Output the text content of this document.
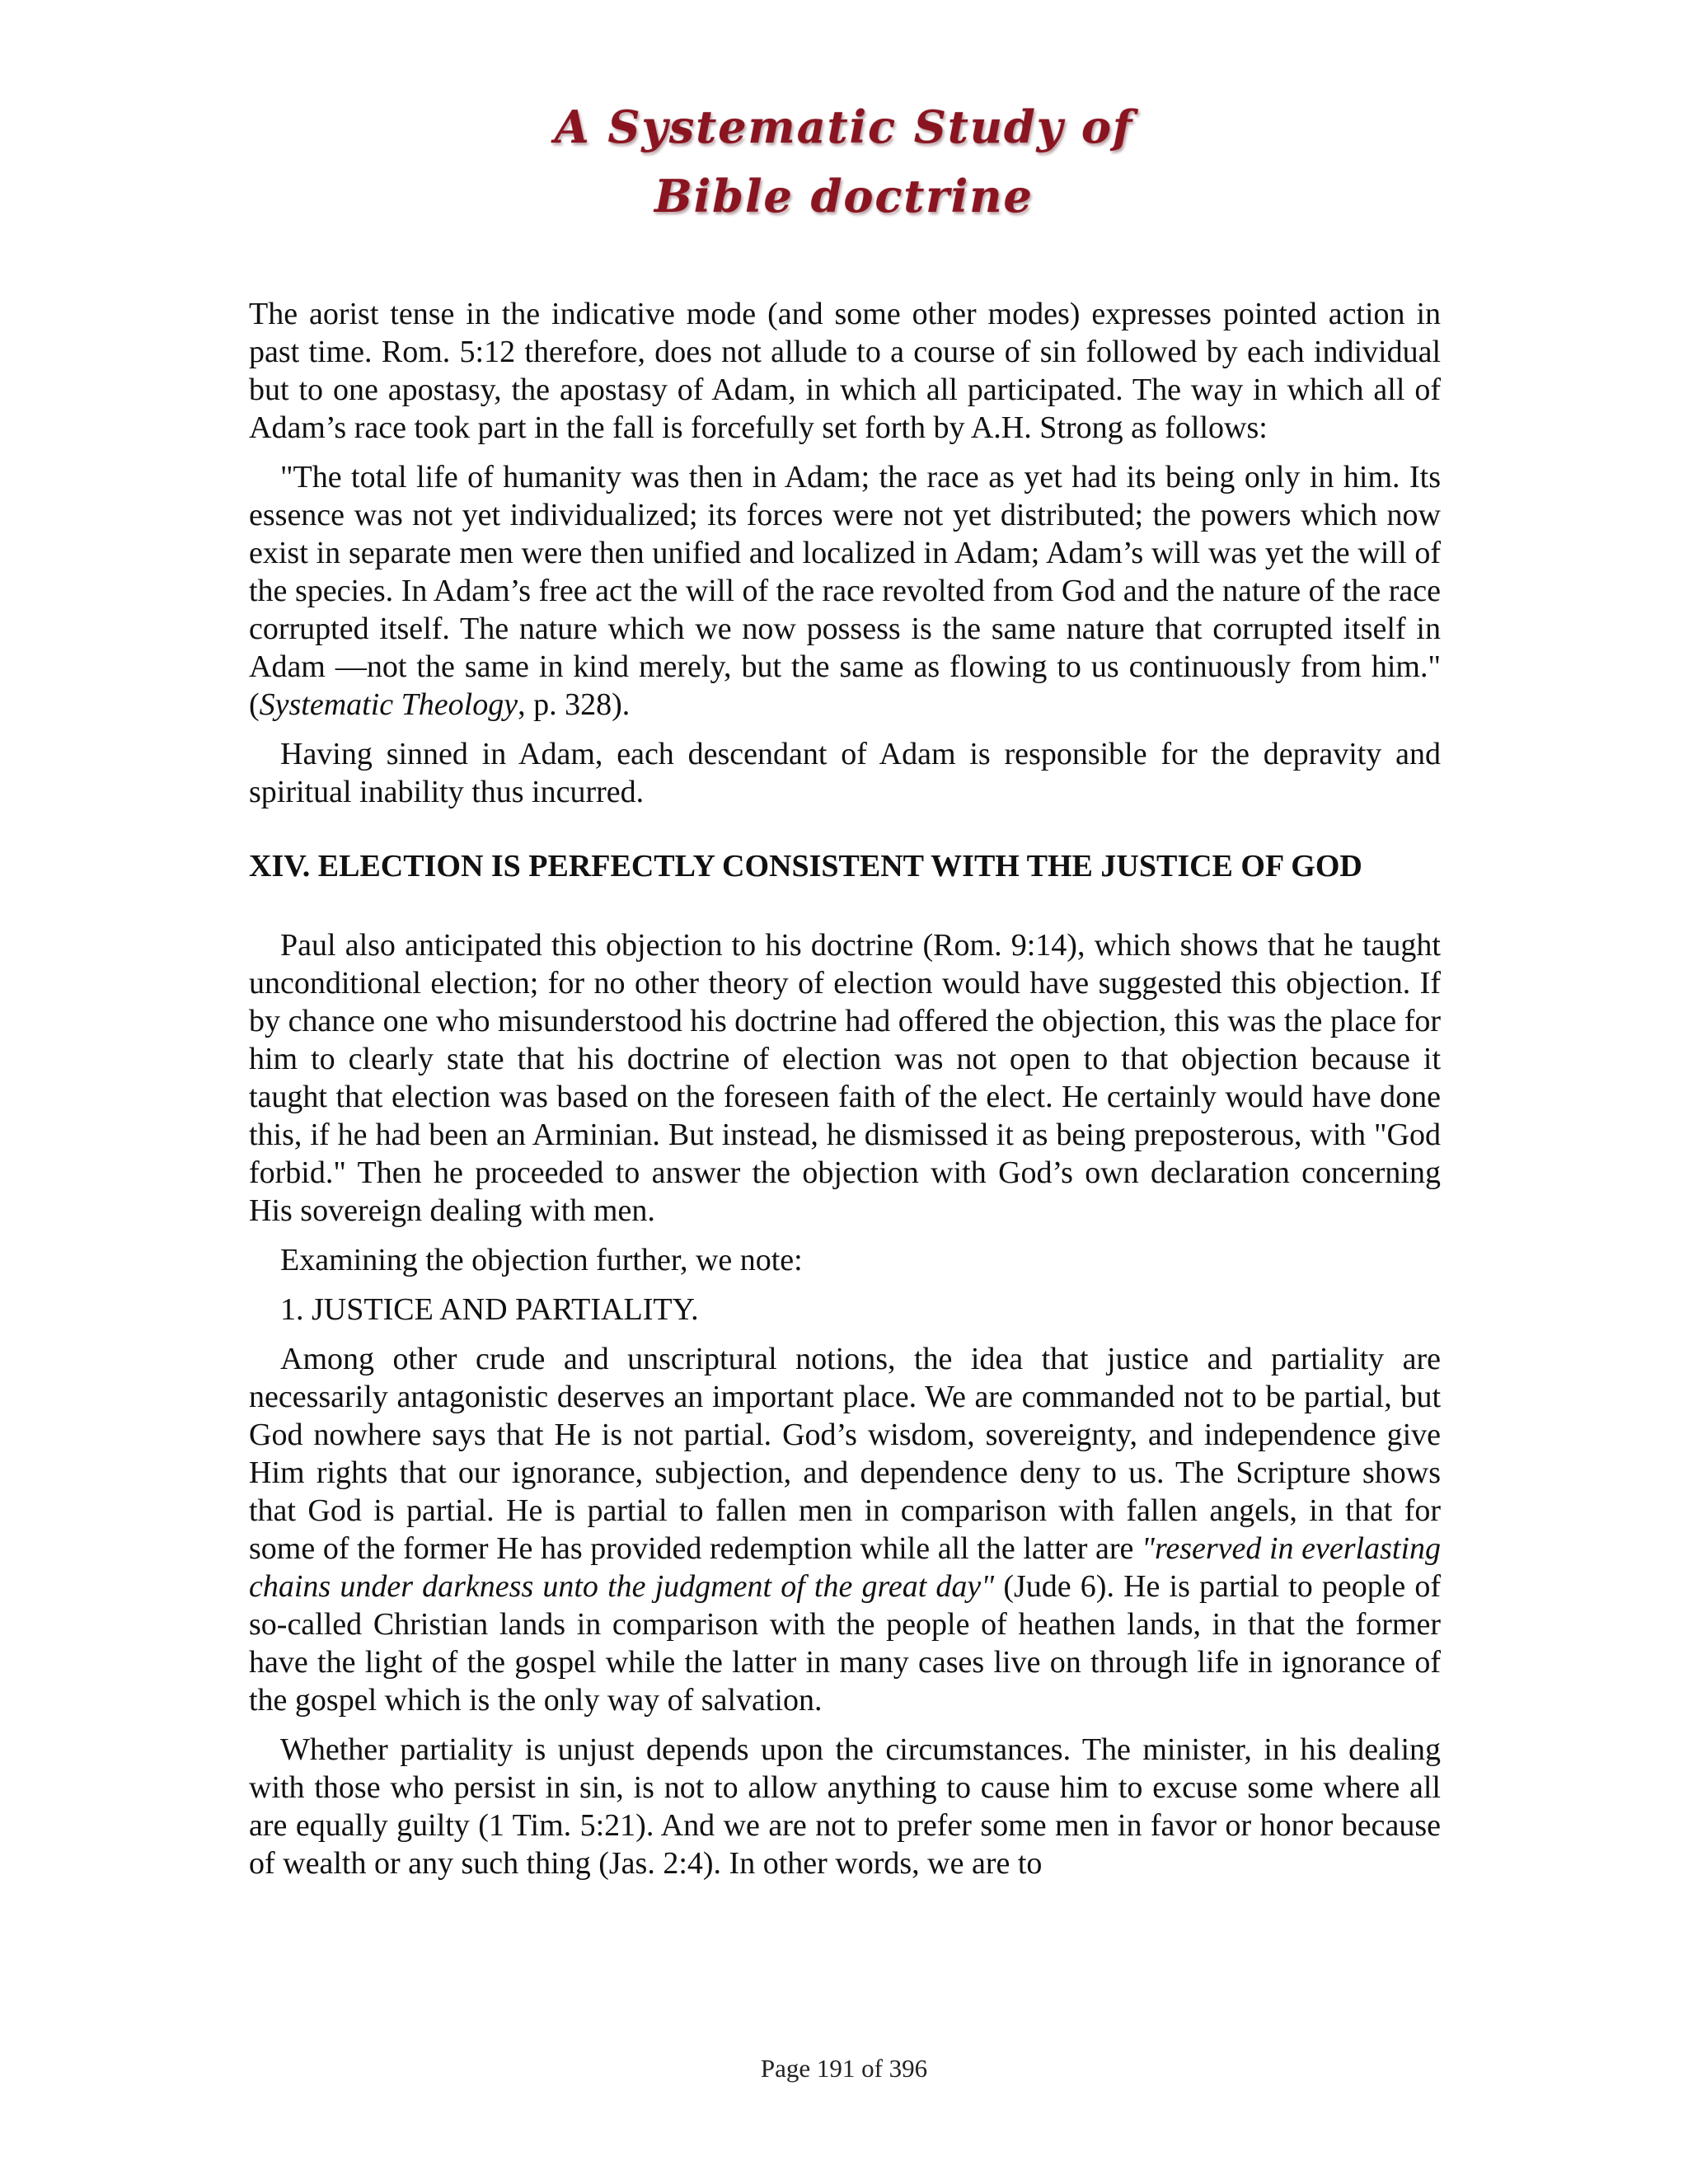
A Systematic Study of
Bible doctrine

The aorist tense in the indicative mode (and some other modes) expresses pointed action in past time. Rom. 5:12 therefore, does not allude to a course of sin followed by each individual but to one apostasy, the apostasy of Adam, in which all participated. The way in which all of Adam’s race took part in the fall is forcefully set forth by A.H. Strong as follows:

"The total life of humanity was then in Adam; the race as yet had its being only in him. Its essence was not yet individualized; its forces were not yet distributed; the powers which now exist in separate men were then unified and localized in Adam; Adam’s will was yet the will of the species. In Adam’s free act the will of the race revolted from God and the nature of the race corrupted itself. The nature which we now possess is the same nature that corrupted itself in Adam —not the same in kind merely, but the same as flowing to us continuously from him." (Systematic Theology, p. 328).

Having sinned in Adam, each descendant of Adam is responsible for the depravity and spiritual inability thus incurred.

XIV. ELECTION IS PERFECTLY CONSISTENT WITH THE JUSTICE OF GOD

Paul also anticipated this objection to his doctrine (Rom. 9:14), which shows that he taught unconditional election; for no other theory of election would have suggested this objection. If by chance one who misunderstood his doctrine had offered the objection, this was the place for him to clearly state that his doctrine of election was not open to that objection because it taught that election was based on the foreseen faith of the elect. He certainly would have done this, if he had been an Arminian. But instead, he dismissed it as being preposterous, with "God forbid." Then he proceeded to answer the objection with God’s own declaration concerning His sovereign dealing with men.

Examining the objection further, we note:

1. JUSTICE AND PARTIALITY.

Among other crude and unscriptural notions, the idea that justice and partiality are necessarily antagonistic deserves an important place. We are commanded not to be partial, but God nowhere says that He is not partial. God’s wisdom, sovereignty, and independence give Him rights that our ignorance, subjection, and dependence deny to us. The Scripture shows that God is partial. He is partial to fallen men in comparison with fallen angels, in that for some of the former He has provided redemption while all the latter are "reserved in everlasting chains under darkness unto the judgment of the great day" (Jude 6). He is partial to people of so-called Christian lands in comparison with the people of heathen lands, in that the former have the light of the gospel while the latter in many cases live on through life in ignorance of the gospel which is the only way of salvation.

Whether partiality is unjust depends upon the circumstances. The minister, in his dealing with those who persist in sin, is not to allow anything to cause him to excuse some where all are equally guilty (1 Tim. 5:21). And we are not to prefer some men in favor or honor because of wealth or any such thing (Jas. 2:4). In other words, we are to

Page 191 of 396
